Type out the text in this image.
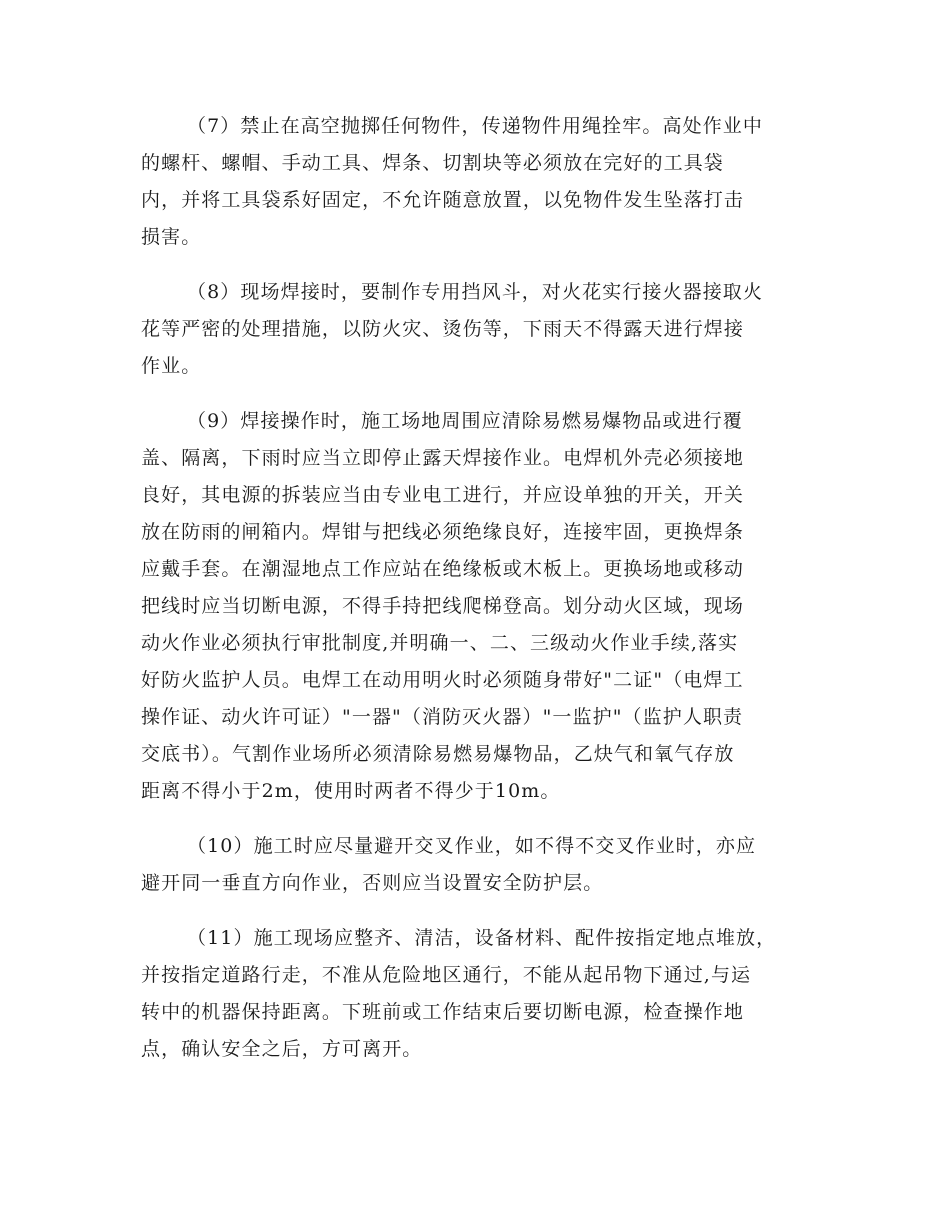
（7）禁止在高空抛掷任何物件，传递物件用绳拴牢。高处作业中
的螺杆、螺帽、手动工具、焊条、切割块等必须放在完好的工具袋
内，并将工具袋系好固定，不允许随意放置，以免物件发生坠落打击
损害。

（8）现场焊接时，要制作专用挡风斗，对火花实行接火器接取火
花等严密的处理措施，以防火灾、烫伤等，下雨天不得露天进行焊接
作业。

（9）焊接操作时，施工场地周围应清除易燃易爆物品或进行覆
盖、隔离，下雨时应当立即停止露天焊接作业。电焊机外壳必须接地
良好，其电源的拆装应当由专业电工进行，并应设单独的开关，开关
放在防雨的闸箱内。焊钳与把线必须绝缘良好，连接牢固，更换焊条
应戴手套。在潮湿地点工作应站在绝缘板或木板上。更换场地或移动
把线时应当切断电源，不得手持把线爬梯登高。划分动火区域，现场
动火作业必须执行审批制度,并明确一、二、三级动火作业手续,落实
好防火监护人员。电焊工在动用明火时必须随身带好"二证"（电焊工
操作证、动火许可证）"一器"（消防灭火器）"一监护"（监护人职责
交底书）。气割作业场所必须清除易燃易爆物品，乙炔气和氧气存放
距离不得小于2m，使用时两者不得少于10m。

（10）施工时应尽量避开交叉作业，如不得不交叉作业时，亦应
避开同一垂直方向作业，否则应当设置安全防护层。

（11）施工现场应整齐、清洁，设备材料、配件按指定地点堆放，
并按指定道路行走，不准从危险地区通行，不能从起吊物下通过,与运
转中的机器保持距离。下班前或工作结束后要切断电源，检查操作地
点，确认安全之后，方可离开。
